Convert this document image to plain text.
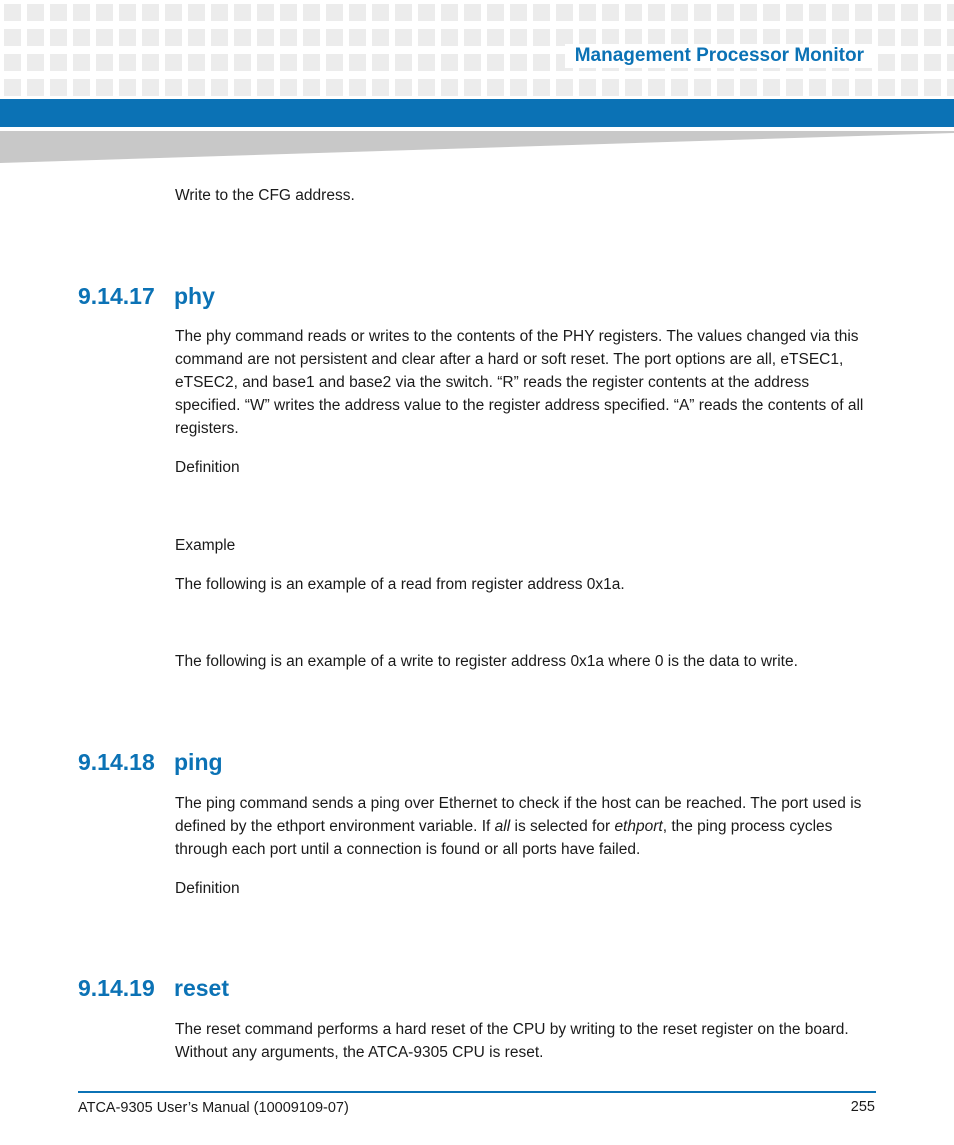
Management Processor Monitor

Write to the CFG address.

9.14.17 phy

The phy command reads or writes to the contents of the PHY registers. The values changed via this command are not persistent and clear after a hard or soft reset. The port options are all, eTSEC1, eTSEC2, and base1 and base2 via the switch. “R” reads the register contents at the address specified. “W” writes the address value to the register address specified. “A” reads the contents of all registers.

Definition

Example

The following is an example of a read from register address 0x1a.

The following is an example of a write to register address 0x1a where 0 is the data to write.

9.14.18 ping

The ping command sends a ping over Ethernet to check if the host can be reached. The port used is defined by the ethport environment variable. If all is selected for ethport, the ping process cycles through each port until a connection is found or all ports have failed.

Definition

9.14.19 reset

The reset command performs a hard reset of the CPU by writing to the reset register on the board. Without any arguments, the ATCA-9305 CPU is reset.

ATCA-9305 User’s Manual (10009109-07)	255
